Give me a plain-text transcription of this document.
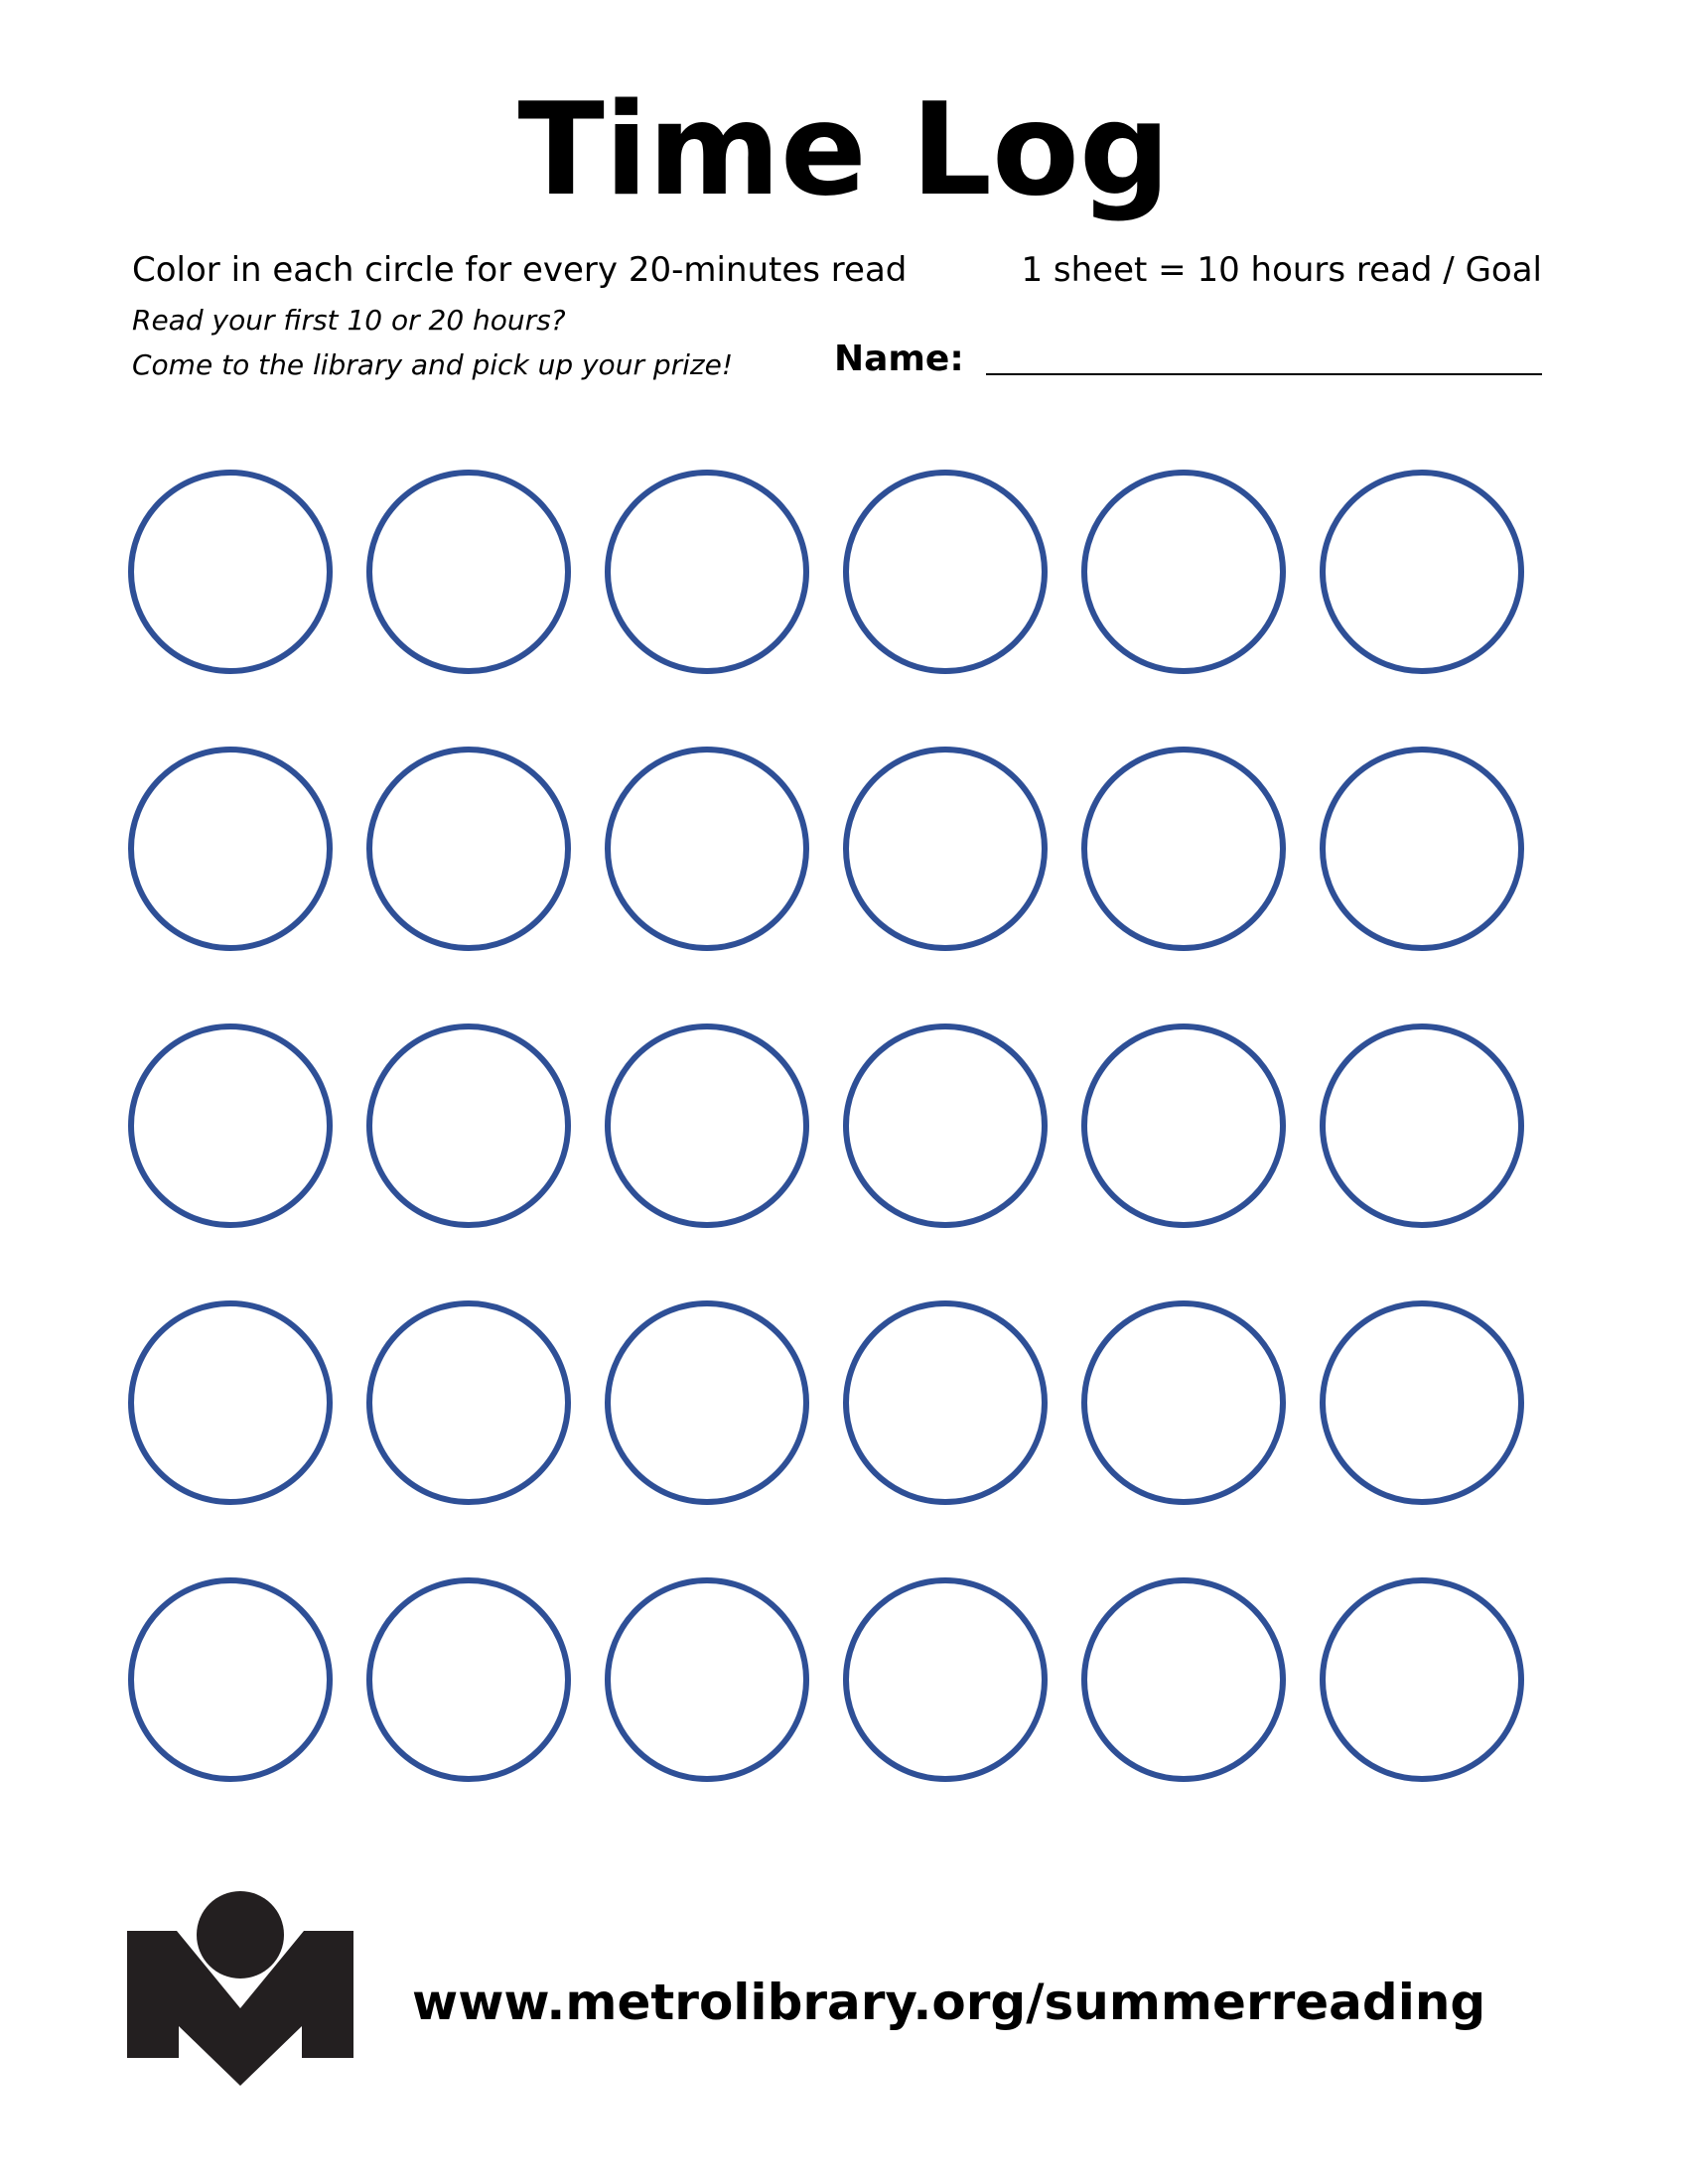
Time Log
Color in each circle for every 20-minutes read	1 sheet = 10 hours read / Goal
Read your first 10 or 20 hours?
Come to the library and pick up your prize!	Name:
www.metrolibrary.org/summerreading
